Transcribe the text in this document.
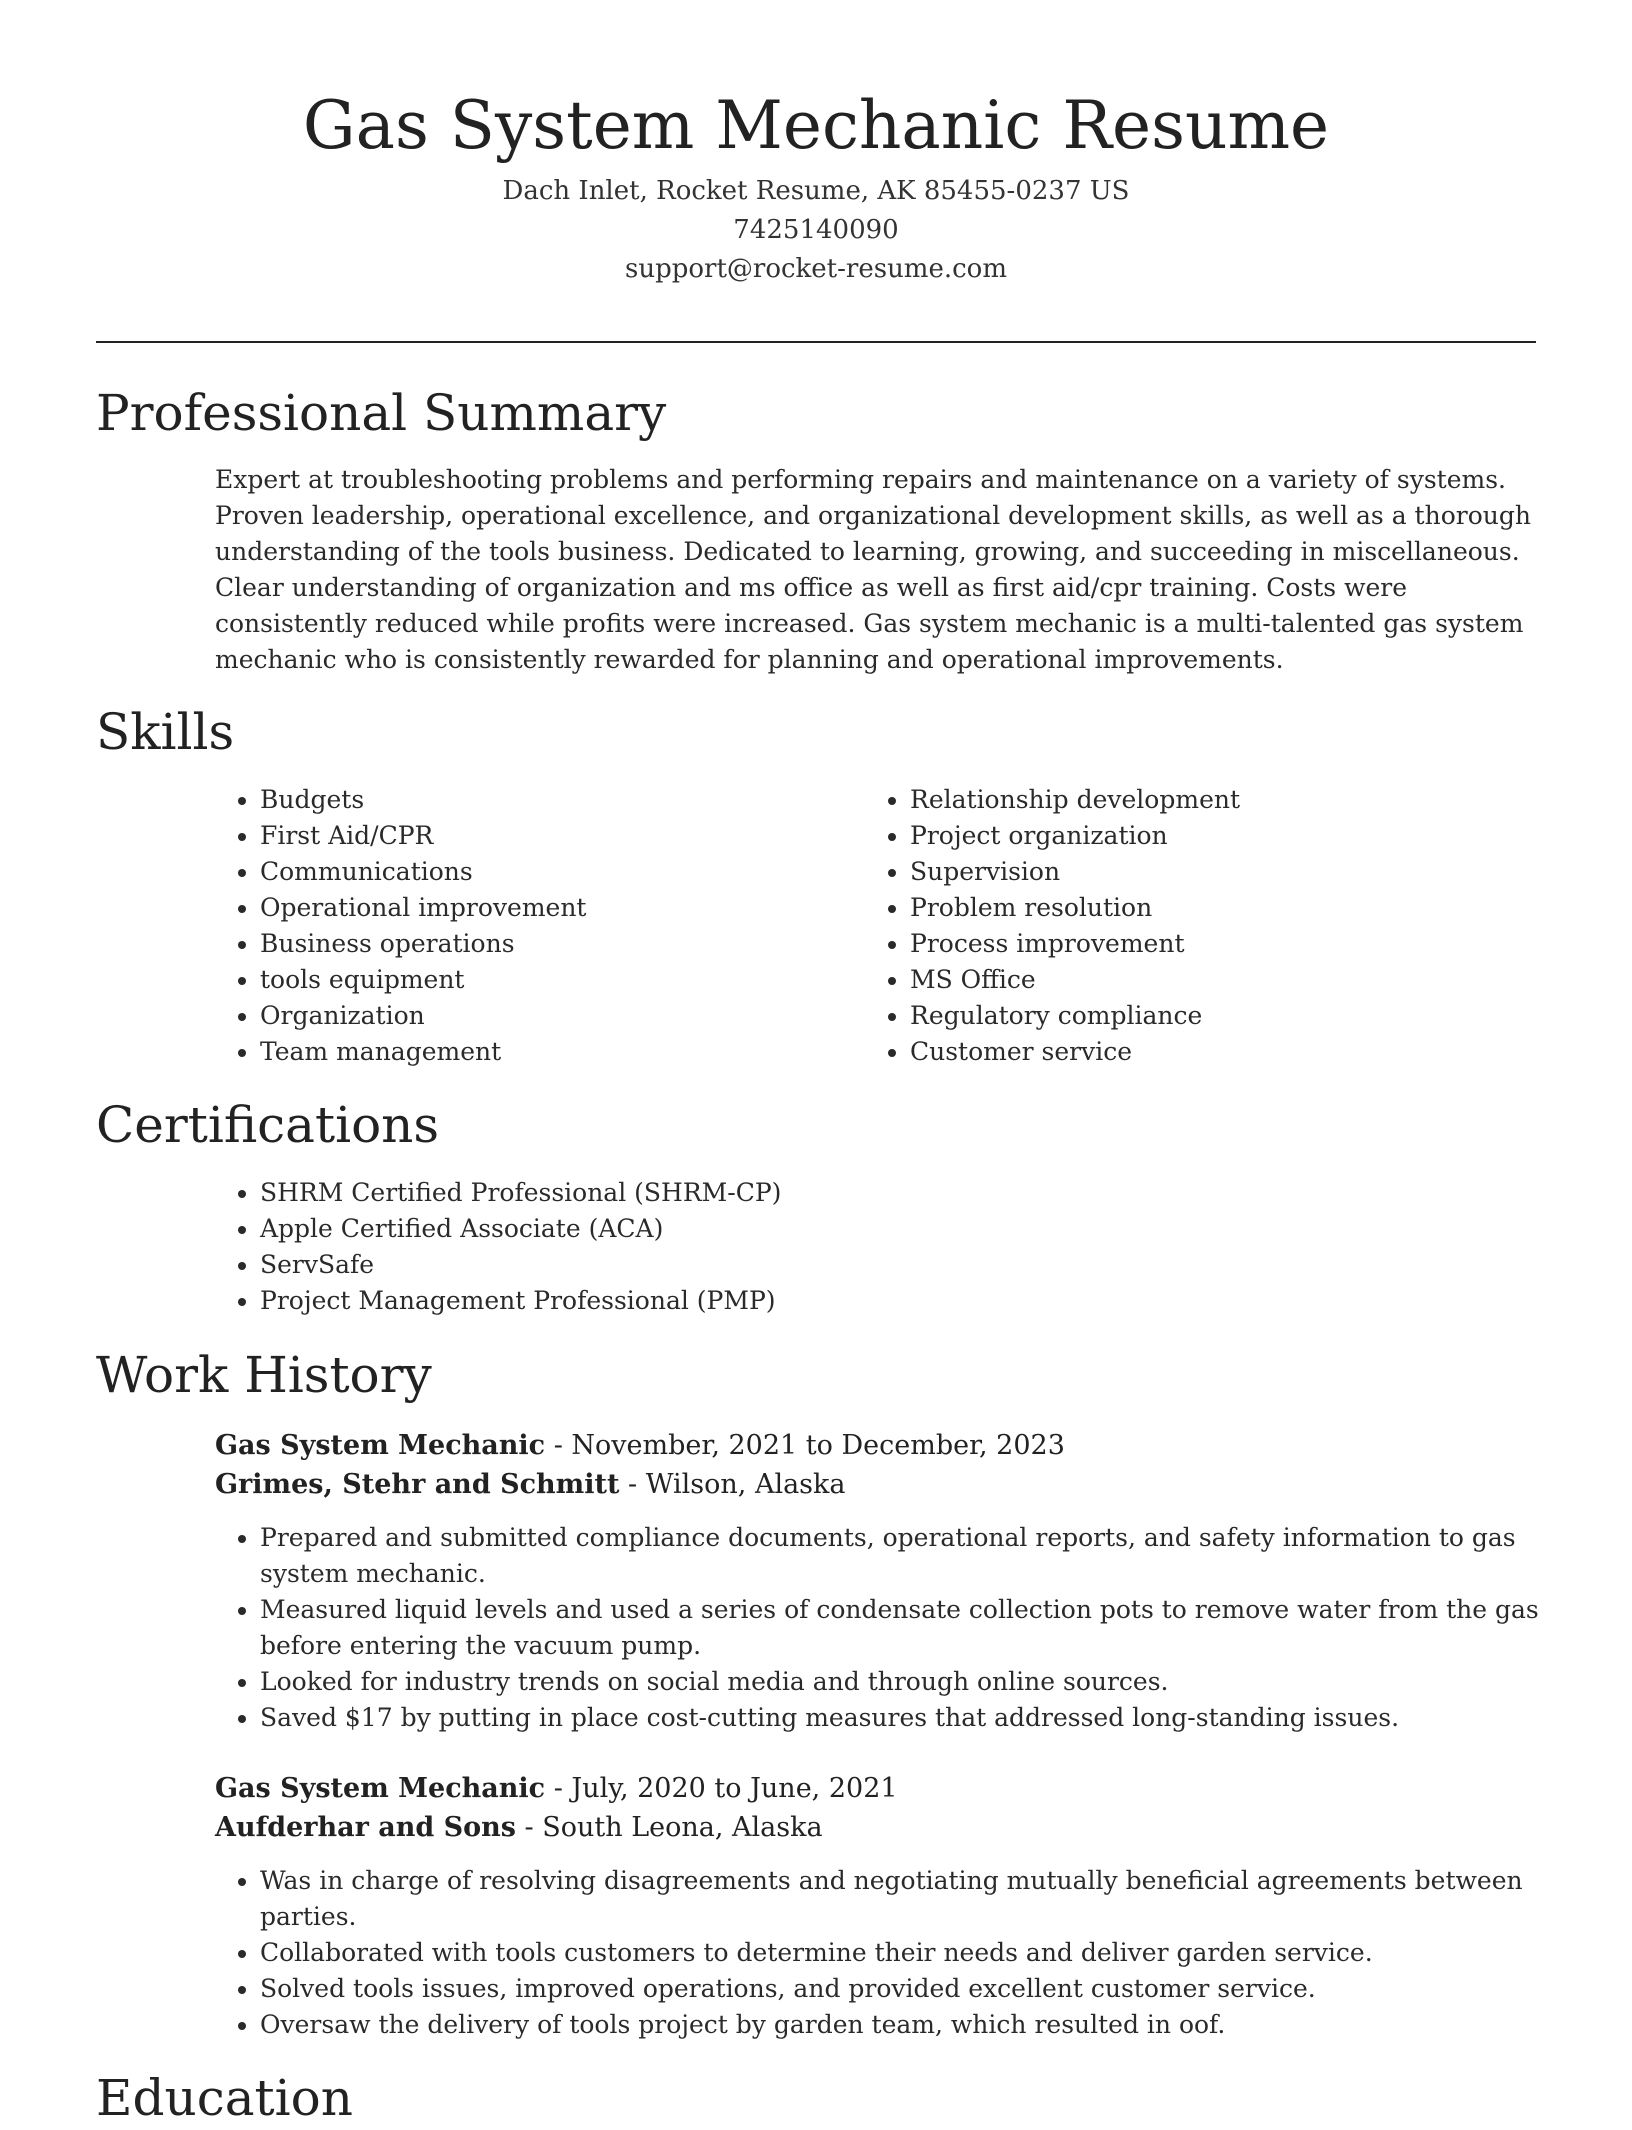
Gas System Mechanic Resume
Dach Inlet, Rocket Resume, AK 85455-0237 US
7425140090
support@rocket-resume.com
Professional Summary

Expert at troubleshooting problems and performing repairs and maintenance on a variety of systems. Proven leadership, operational excellence, and organizational development skills, as well as a thorough understanding of the tools business. Dedicated to learning, growing, and succeeding in miscellaneous. Clear understanding of organization and ms office as well as first aid/cpr training. Costs were consistently reduced while profits were increased. Gas system mechanic is a multi-talented gas system mechanic who is consistently rewarded for planning and operational improvements.

Skills
• Budgets
• First Aid/CPR
• Communications
• Operational improvement
• Business operations
• tools equipment
• Organization
• Team management
• Relationship development
• Project organization
• Supervision
• Problem resolution
• Process improvement
• MS Office
• Regulatory compliance
• Customer service
Certifications
• SHRM Certified Professional (SHRM-CP)
• Apple Certified Associate (ACA)
• ServSafe
• Project Management Professional (PMP)
Work History
Gas System Mechanic - November, 2021 to December, 2023
Grimes, Stehr and Schmitt - Wilson, Alaska
• Prepared and submitted compliance documents, operational reports, and safety information to gas system mechanic.
• Measured liquid levels and used a series of condensate collection pots to remove water from the gas before entering the vacuum pump.
• Looked for industry trends on social media and through online sources.
• Saved $17 by putting in place cost-cutting measures that addressed long-standing issues.
Gas System Mechanic - July, 2020 to June, 2021
Aufderhar and Sons - South Leona, Alaska
• Was in charge of resolving disagreements and negotiating mutually beneficial agreements between parties.
• Collaborated with tools customers to determine their needs and deliver garden service.
• Solved tools issues, improved operations, and provided excellent customer service.
• Oversaw the delivery of tools project by garden team, which resulted in oof.
Education
